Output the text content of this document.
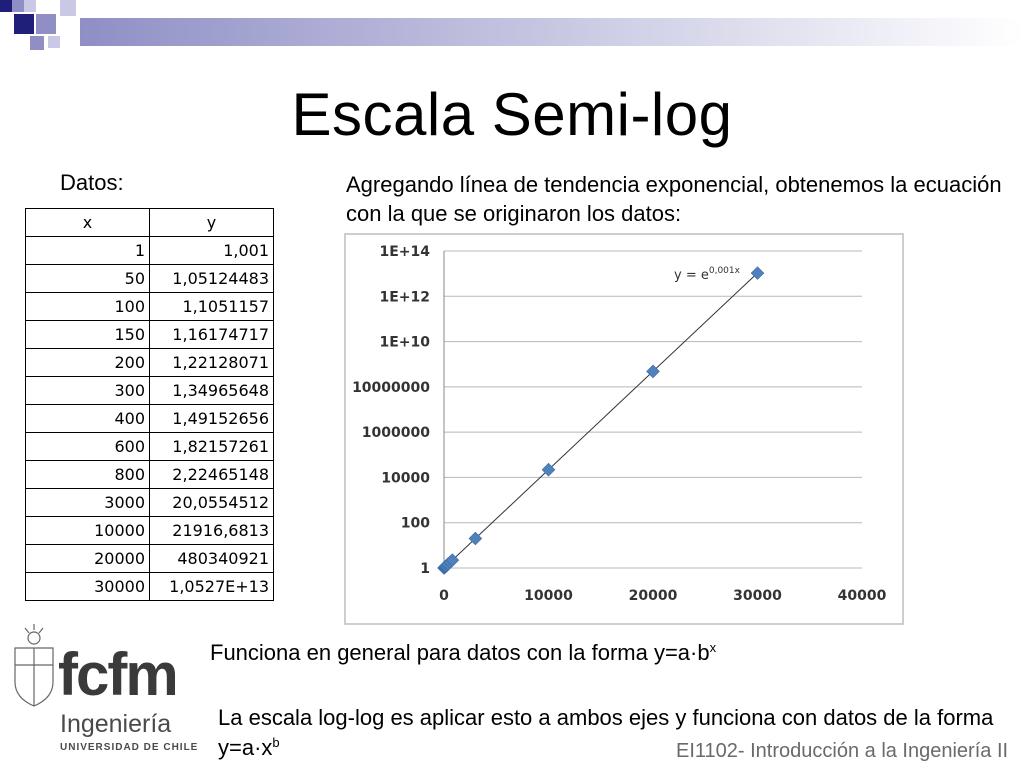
Escala Semi-log
Datos:	Agregando línea de tendencia exponencial, obtenemos la ecuación con la que se originaron los datos:
x	y
1	1,001
50	1,05124483
100	1,1051157
150	1,16174717
200	1,22128071
300	1,34965648
400	1,49152656
600	1,82157261
800	2,22465148
3000	20,0554512
10000	21916,6813
20000	480340921
30000	1,0527E+13
1
100
10000
1000000
10000000
1E+10
1E+12
1E+14
0	10000	20000	30000	40000
$y = e^{0,001x}$
Funciona en general para datos con la forma $y=a\cdot b^x$
La escala log-log es aplicar esto a ambos ejes y funciona con datos de la forma $y=a\cdot x^b$
fcfm
Ingeniería
UNIVERSIDAD DE CHILE	EI1102- Introducción a la Ingeniería II
